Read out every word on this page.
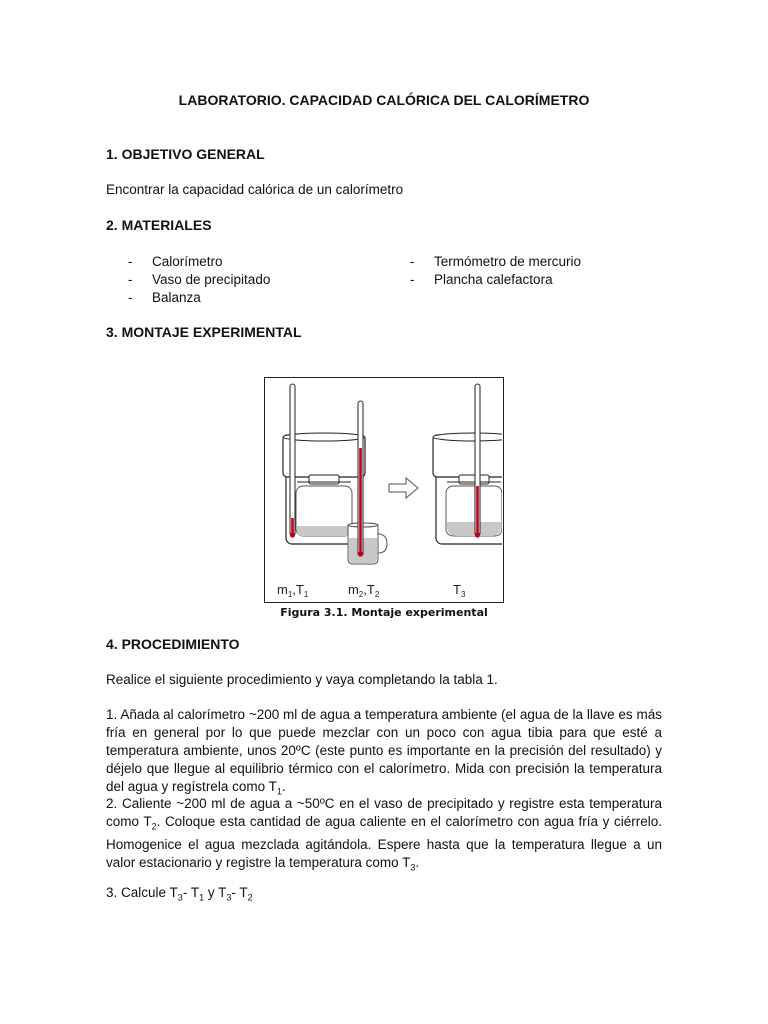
LABORATORIO. CAPACIDAD CALÓRICA DEL CALORÍMETRO
1. OBJETIVO GENERAL
Encontrar la capacidad calórica de un calorímetro
2. MATERIALES
-	Calorímetro
-	Vaso de precipitado
-	Balanza
-	Termómetro de mercurio
-	Plancha calefactora
3. MONTAJE EXPERIMENTAL
$m_1,T_1$	$m_2,T_2$	$T_3$
Figura 3.1. Montaje experimental
4. PROCEDIMIENTO
Realice el siguiente procedimiento y vaya completando la tabla 1.
1. Añada al calorímetro ~200 ml de agua a temperatura ambiente (el agua de la llave es más fría en general por lo que puede mezclar con un poco con agua tibia para que esté a temperatura ambiente, unos 20ºC (este punto es importante en la precisión del resultado) y déjelo que llegue al equilibrio térmico con el calorímetro. Mida con precisión la temperatura del agua y regístrela como $T_1$.
2. Caliente ~200 ml de agua a ~50ºC en el vaso de precipitado y registre esta temperatura como $T_2$. Coloque esta cantidad de agua caliente en el calorímetro con agua fría y ciérrelo. Homogenice el agua mezclada agitándola. Espere hasta que la temperatura llegue a un valor estacionario y registre la temperatura como $T_3$.
3. Calcule $T_3-$ $T_1$ y $T_3-$ $T_2$
